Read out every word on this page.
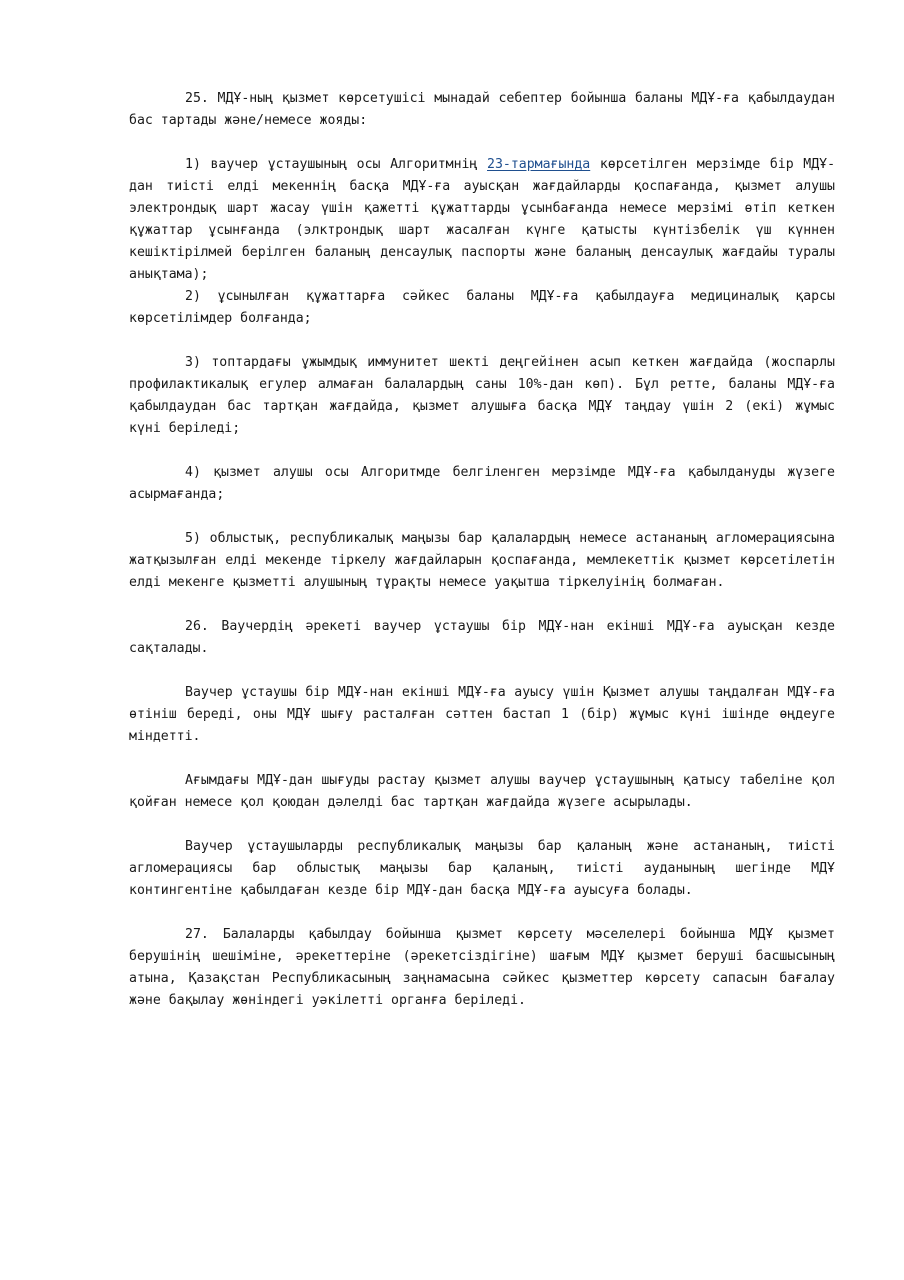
25. МДҰ-ның қызмет көрсетушісі мынадай себептер бойынша баланы МДҰ-ға қабылдаудан бас тартады және/немесе жояды:

1) ваучер ұстаушының осы Алгоритмнің 23-тармағында көрсетілген мерзімде бір МДҰ-дан тиісті елді мекеннің басқа МДҰ-ға ауысқан жағдайларды қоспағанда, қызмет алушы электрондық шарт жасау үшін қажетті құжаттарды ұсынбағанда немесе мерзімі өтіп кеткен құжаттар ұсынғанда (элктрондық шарт жасалған күнге қатысты күнтізбелік үш күннен кешіктірілмей берілген баланың денсаулық паспорты және баланың денсаулық жағдайы туралы анықтама);

2) ұсынылған құжаттарға сәйкес баланы МДҰ-ға қабылдауға медициналық қарсы көрсетілімдер болғанда;

3) топтардағы ұжымдық иммунитет шекті деңгейінен асып кеткен жағдайда (жоспарлы профилактикалық егулер алмаған балалардың саны 10%-дан көп). Бұл ретте, баланы МДҰ-ға қабылдаудан бас тартқан жағдайда, қызмет алушыға басқа МДҰ таңдау үшін 2 (екі) жұмыс күні беріледі;

4) қызмет алушы осы Алгоритмде белгіленген мерзімде МДҰ-ға қабылдануды жүзеге асырмағанда;

5) облыстық, республикалық маңызы бар қалалардың немесе астананың агломерациясына жатқызылған елді мекенде тіркелу жағдайларын қоспағанда, мемлекеттік қызмет көрсетілетін елді мекенге қызметті алушының тұрақты немесе уақытша тіркелуінің болмаған.

26. Ваучердің әрекеті ваучер ұстаушы бір МДҰ-нан екінші МДҰ-ға ауысқан кезде сақталады.

Ваучер ұстаушы бір МДҰ-нан екінші МДҰ-ға ауысу үшін Қызмет алушы таңдалған МДҰ-ға өтініш береді, оны МДҰ шығу расталған сәттен бастап 1 (бір) жұмыс күні ішінде өңдеуге міндетті.

Ағымдағы МДҰ-дан шығуды растау қызмет алушы ваучер ұстаушының қатысу табеліне қол қойған немесе қол қоюдан дәлелді бас тартқан жағдайда жүзеге асырылады.

Ваучер ұстаушыларды республикалық маңызы бар қаланың және астананың, тиісті агломерациясы бар облыстық маңызы бар қаланың, тиісті ауданының шегінде МДҰ контингентіне қабылдаған кезде бір МДҰ-дан басқа МДҰ-ға ауысуға болады.

27. Балаларды қабылдау бойынша қызмет көрсету мәселелері бойынша МДҰ қызмет берушінің шешіміне, әрекеттеріне (әрекетсіздігіне) шағым МДҰ қызмет беруші басшысының атына, Қазақстан Республикасының заңнамасына сәйкес қызметтер көрсету сапасын бағалау және бақылау жөніндегі уәкілетті органға беріледі.
